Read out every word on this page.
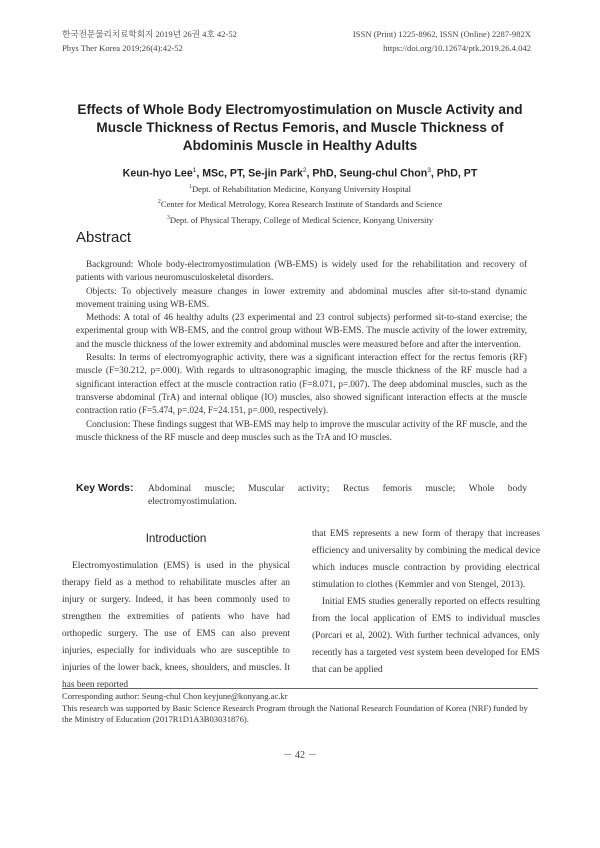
한국전문물리치료학회지 2019년 26권 4호 42-52
Phys Ther Korea 2019;26(4):42-52
ISSN (Print) 1225-8962, ISSN (Online) 2287-982X
https://doi.org/10.12674/ptk.2019.26.4.042
Effects of Whole Body Electromyostimulation on Muscle Activity and
Muscle Thickness of Rectus Femoris, and Muscle Thickness of
Abdominis Muscle in Healthy Adults
Keun-hyo Lee$^1$, MSc, PT, Se-jin Park$^2$, PhD, Seung-chul Chon$^3$, PhD, PT
$^1$Dept. of Rehabilitation Medicine, Konyang University Hospital
$^2$Center for Medical Metrology, Korea Research Institute of Standards and Science
$^3$Dept. of Physical Therapy, College of Medical Science, Konyang University
Abstract

Background: Whole body-electromyostimulation (WB-EMS) is widely used for the rehabilitation and recovery of patients with various neuromusculoskeletal disorders.

Objects: To objectively measure changes in lower extremity and abdominal muscles after sit-to-stand dynamic movement training using WB-EMS.

Methods: A total of 46 healthy adults (23 experimental and 23 control subjects) performed sit-to-stand exercise; the experimental group with WB-EMS, and the control group without WB-EMS. The muscle activity of the lower extremity, and the muscle thickness of the lower extremity and abdominal muscles were measured before and after the intervention.

Results: In terms of electromyographic activity, there was a significant interaction effect for the rectus femoris (RF) muscle (F=30.212, p=.000). With regards to ultrasonographic imaging, the muscle thickness of the RF muscle had a significant interaction effect at the muscle contraction ratio (F=8.071, p=.007). The deep abdominal muscles, such as the transverse abdominal (TrA) and internal oblique (IO) muscles, also showed significant interaction effects at the muscle contraction ratio (F=5.474, p=.024, F=24.151, p=.000, respectively).

Conclusion: These findings suggest that WB-EMS may help to improve the muscular activity of the RF muscle, and the muscle thickness of the RF muscle and deep muscles such as the TrA and IO muscles.

Key Words: Abdominal muscle; Muscular activity; Rectus femoris muscle; Whole body electromyostimulation.
Introduction

Electromyostimulation (EMS) is used in the physical therapy field as a method to rehabilitate muscles after an injury or surgery. Indeed, it has been commonly used to strengthen the extremities of patients who have had orthopedic surgery. The use of EMS can also prevent injuries, especially for individuals who are susceptible to injuries of the lower back, knees, shoulders, and muscles. It has been reported

that EMS represents a new form of therapy that increases efficiency and universality by combining the medical device which induces muscle contraction by providing electrical stimulation to clothes (Kemmler and von Stengel, 2013).

Initial EMS studies generally reported on effects resulting from the local application of EMS to individual muscles (Porcari et al, 2002). With further technical advances, only recently has a targeted vest system been developed for EMS that can be applied

Corresponding author: Seung-chul Chon keyjune@konyang.ac.kr

This research was supported by Basic Science Research Program through the National Research Foundation of Korea (NRF) funded by the Ministry of Education (2017R1D1A3B03031876).

－ 42 －
